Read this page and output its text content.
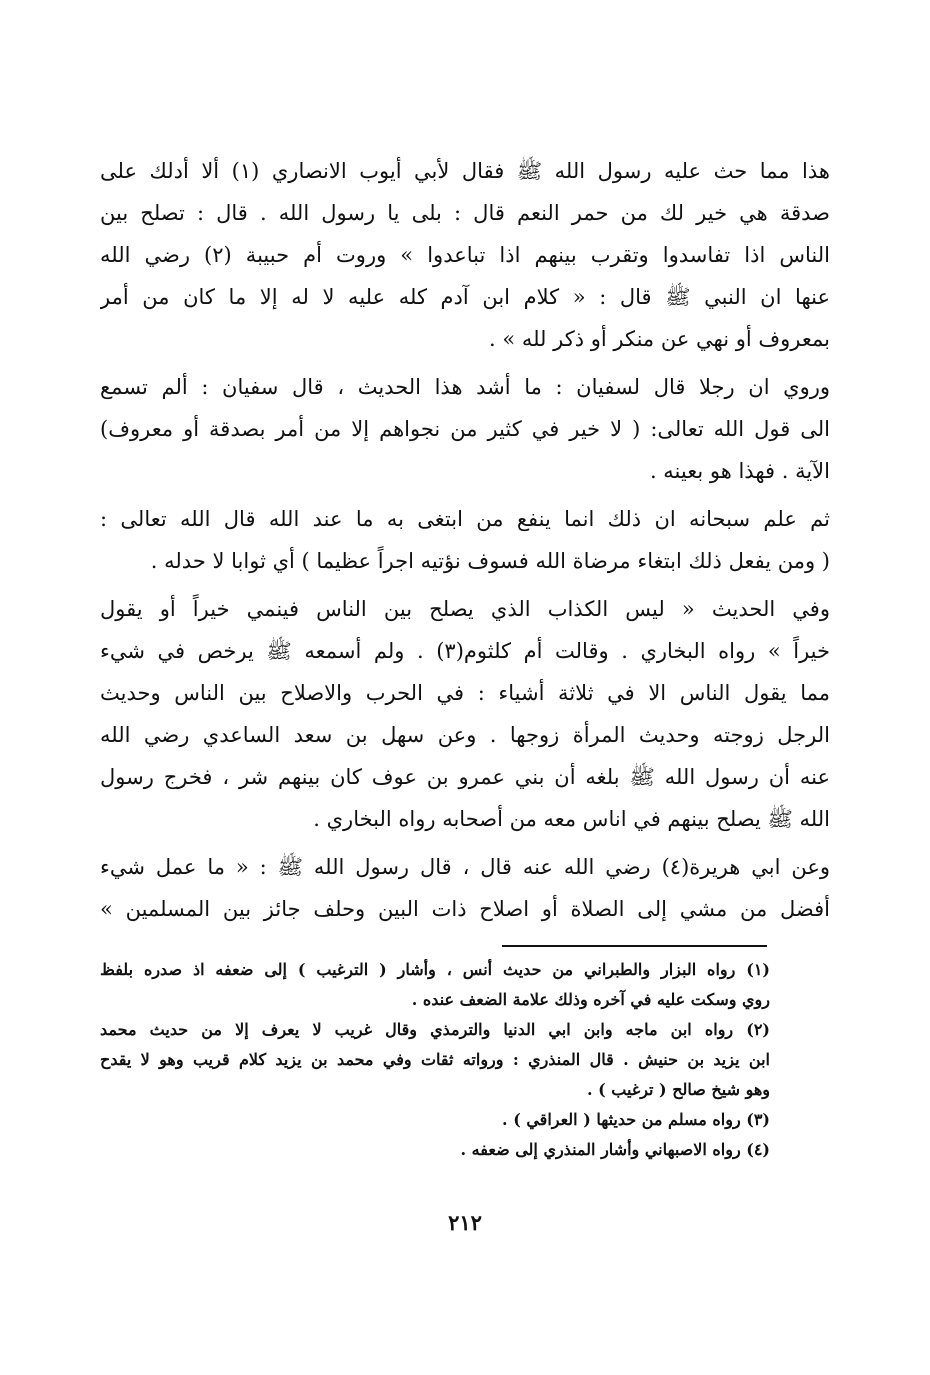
هذا مما حث عليه رسول الله ﷺ فقال لأبي أيوب الانصاري (١) ألا أدلك على
صدقة هي خير لك من حمر النعم قال : بلى يا رسول الله . قال : تصلح بين
الناس اذا تفاسدوا وتقرب بينهم اذا تباعدوا » وروت أم حبيبة (٢) رضي الله
عنها ان النبي ﷺ قال : « كلام ابن آدم كله عليه لا له إلا ما كان من أمر
بمعروف أو نهي عن منكر أو ذكر لله » .
وروي ان رجلا قال لسفيان : ما أشد هذا الحديث ، قال سفيان : ألم تسمع
الى قول الله تعالى: ( لا خير في كثير من نجواهم إلا من أمر بصدقة أو معروف)
الآية . فهذا هو بعينه .
ثم علم سبحانه ان ذلك انما ينفع من ابتغى به ما عند الله قال الله تعالى :
( ومن يفعل ذلك ابتغاء مرضاة الله فسوف نؤتيه اجراً عظيما ) أي ثوابا لا حدله .
وفي الحديث « ليس الكذاب الذي يصلح بين الناس فينمي خيراً أو يقول
خيراً » رواه البخاري . وقالت أم كلثوم(٣) . ولم أسمعه ﷺ يرخص في شيء
مما يقول الناس الا في ثلاثة أشياء : في الحرب والاصلاح بين الناس وحديث
الرجل زوجته وحديث المرأة زوجها . وعن سهل بن سعد الساعدي رضي الله
عنه أن رسول الله ﷺ بلغه أن بني عمرو بن عوف كان بينهم شر ، فخرج رسول
الله ﷺ يصلح بينهم في اناس معه من أصحابه رواه البخاري .
وعن ابي هريرة(٤) رضي الله عنه قال ، قال رسول الله ﷺ : « ما عمل شيء
أفضل من مشي إلى الصلاة أو اصلاح ذات البين وحلف جائز بين المسلمين »
(١) رواه البزار والطبراني من حديث أنس ، وأشار ( الترغيب ) إلى ضعفه اذ صدره بلفظ
روي وسكت عليه في آخره وذلك علامة الضعف عنده .
(٢) رواه ابن ماجه وابن ابي الدنيا والترمذي وقال غريب لا يعرف إلا من حديث محمد
ابن يزيد بن حنيش . قال المنذري : ورواته ثقات وفي محمد بن يزيد كلام قريب وهو لا يقدح
وهو شيخ صالح ( ترغيب ) .
(٣) رواه مسلم من حديثها ( العراقي ) .
(٤) رواه الاصبهاني وأشار المنذري إلى ضعفه .
٢١٢
